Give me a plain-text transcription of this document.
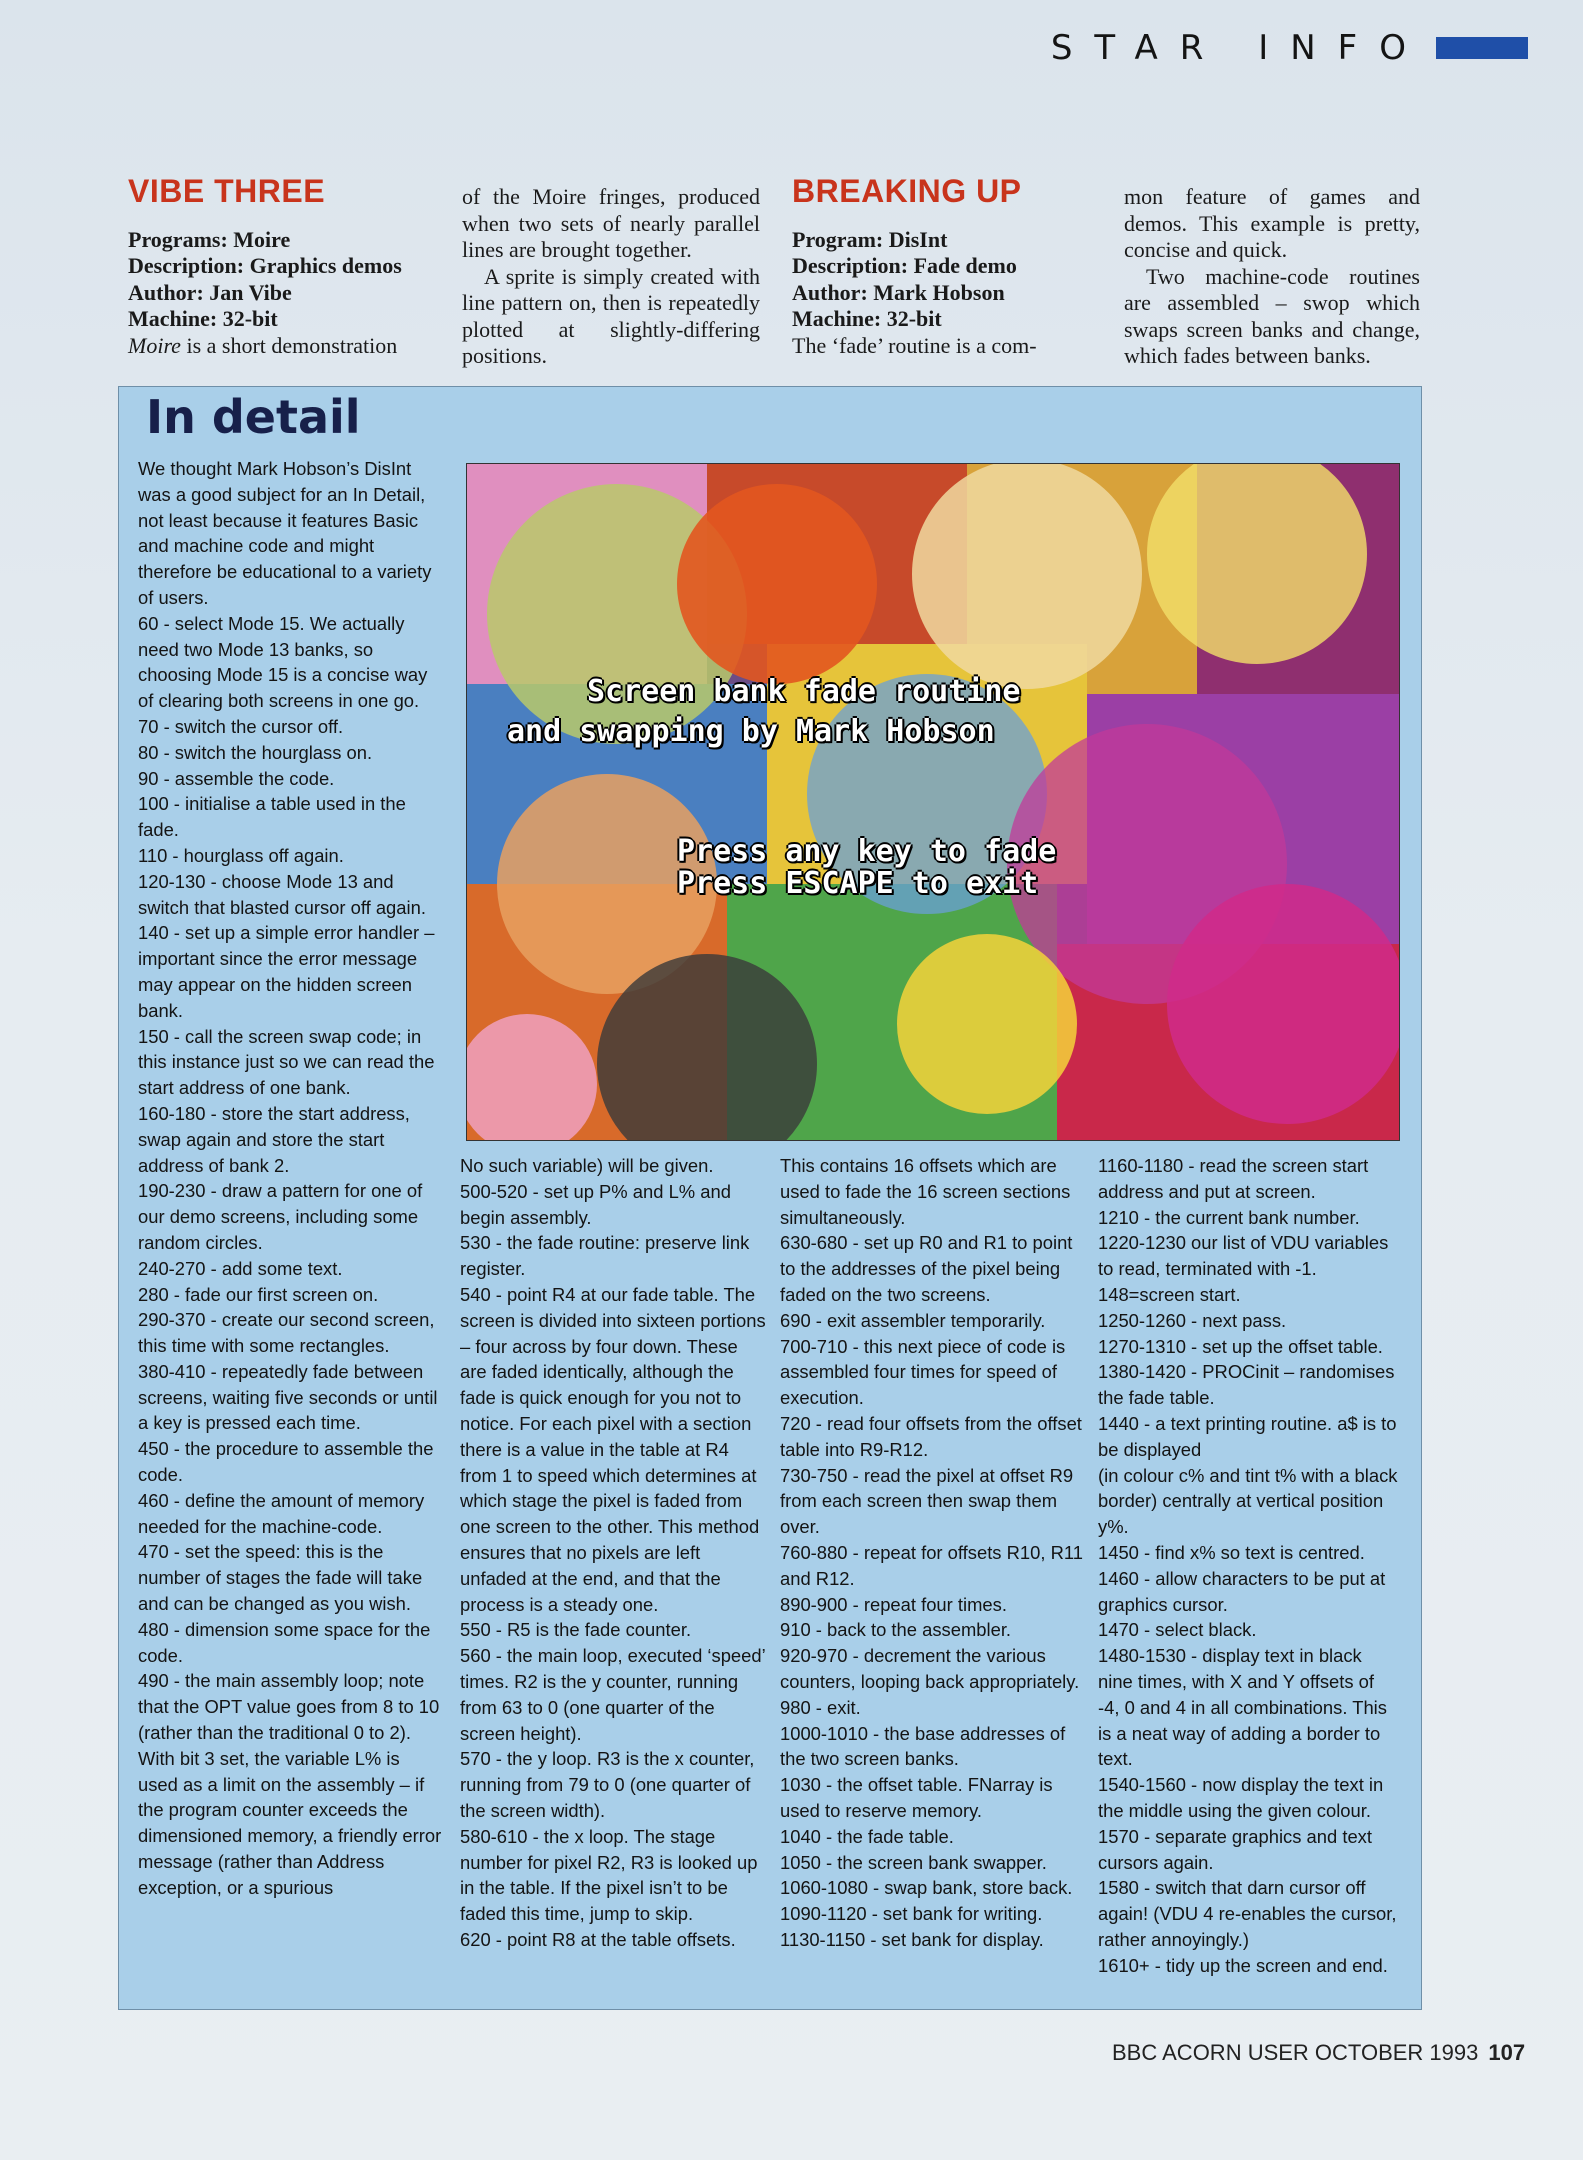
STAR INFO
VIBE THREE
Programs: Moire
Description: Graphics demos
Author: Jan Vibe
Machine: 32-bit
Moire is a short demonstration
of the Moire fringes, produced when two sets of nearly parallel lines are brought together.
A sprite is simply created with line pattern on, then is repeatedly plotted at slightly-differing positions.
BREAKING UP
Program: DisInt
Description: Fade demo
Author: Mark Hobson
Machine: 32-bit
The ‘fade’ routine is a com-
mon feature of games and demos. This example is pretty, concise and quick.
Two machine-code routines are assembled – swop which swaps screen banks and change, which fades between banks.
In detail

We thought Mark Hobson’s DisInt was a good subject for an In Detail, not least because it features Basic and machine code and might therefore be educational to a variety of users.

60 - select Mode 15. We actually need two Mode 13 banks, so choosing Mode 15 is a concise way of clearing both screens in one go.

70 - switch the cursor off.

80 - switch the hourglass on.

90 - assemble the code.

100 - initialise a table used in the fade.

110 - hourglass off again.

120-130 - choose Mode 13 and switch that blasted cursor off again.

140 - set up a simple error handler – important since the error message may appear on the hidden screen bank.

150 - call the screen swap code; in this instance just so we can read the start address of one bank.

160-180 - store the start address, swap again and store the start address of bank 2.

190-230 - draw a pattern for one of our demo screens, including some random circles.

240-270 - add some text.

280 - fade our first screen on.

290-370 - create our second screen, this time with some rectangles.

380-410 - repeatedly fade between screens, waiting five seconds or until a key is pressed each time.

450 - the procedure to assemble the code.

460 - define the amount of memory needed for the machine-code.

470 - set the speed: this is the number of stages the fade will take and can be changed as you wish.

480 - dimension some space for the code.

490 - the main assembly loop; note that the OPT value goes from 8 to 10 (rather than the traditional 0 to 2). With bit 3 set, the variable L% is used as a limit on the assembly – if the program counter exceeds the dimensioned memory, a friendly error message (rather than Address exception, or a spurious

No such variable) will be given.

500-520 - set up P% and L% and begin assembly.

530 - the fade routine: preserve link register.

540 - point R4 at our fade table. The screen is divided into sixteen portions – four across by four down. These are faded identically, although the fade is quick enough for you not to notice. For each pixel with a section there is a value in the table at R4 from 1 to speed which determines at which stage the pixel is faded from one screen to the other. This method ensures that no pixels are left unfaded at the end, and that the process is a steady one.

550 - R5 is the fade counter.

560 - the main loop, executed ‘speed’ times. R2 is the y counter, running from 63 to 0 (one quarter of the screen height).

570 - the y loop. R3 is the x counter, running from 79 to 0 (one quarter of the screen width).

580-610 - the x loop. The stage number for pixel R2, R3 is looked up in the table. If the pixel isn’t to be faded this time, jump to skip.

620 - point R8 at the table offsets.

This contains 16 offsets which are used to fade the 16 screen sections simultaneously.

630-680 - set up R0 and R1 to point to the addresses of the pixel being faded on the two screens.

690 - exit assembler temporarily.

700-710 - this next piece of code is assembled four times for speed of execution.

720 - read four offsets from the offset table into R9-R12.

730-750 - read the pixel at offset R9 from each screen then swap them over.

760-880 - repeat for offsets R10, R11 and R12.

890-900 - repeat four times.

910 - back to the assembler.

920-970 - decrement the various counters, looping back appropriately.

980 - exit.

1000-1010 - the base addresses of the two screen banks.

1030 - the offset table. FNarray is used to reserve memory.

1040 - the fade table.

1050 - the screen bank swapper.

1060-1080 - swap bank, store back.

1090-1120 - set bank for writing.

1130-1150 - set bank for display.

1160-1180 - read the screen start address and put at screen.

1210 - the current bank number.

1220-1230 our list of VDU variables to read, terminated with -1.

148=screen start.

1250-1260 - next pass.

1270-1310 - set up the offset table.

1380-1420 - PROCinit – randomises the fade table.

1440 - a text printing routine. a$ is to be displayed

(in colour c% and tint t% with a black border) centrally at vertical position y%.

1450 - find x% so text is centred.

1460 - allow characters to be put at graphics cursor.

1470 - select black.

1480-1530 - display text in black nine times, with X and Y offsets of -4, 0 and 4 in all combinations. This is a neat way of adding a border to text.

1540-1560 - now display the text in the middle using the given colour.

1570 - separate graphics and text cursors again.

1580 - switch that darn cursor off again! (VDU 4 re-enables the cursor, rather annoyingly.)

1610+ - tidy up the screen and end.

Screen bank fade routine
and swapping by Mark Hobson
Press any key to fade
Press ESCAPE to exit
BBC ACORN USER OCTOBER 1993 107
